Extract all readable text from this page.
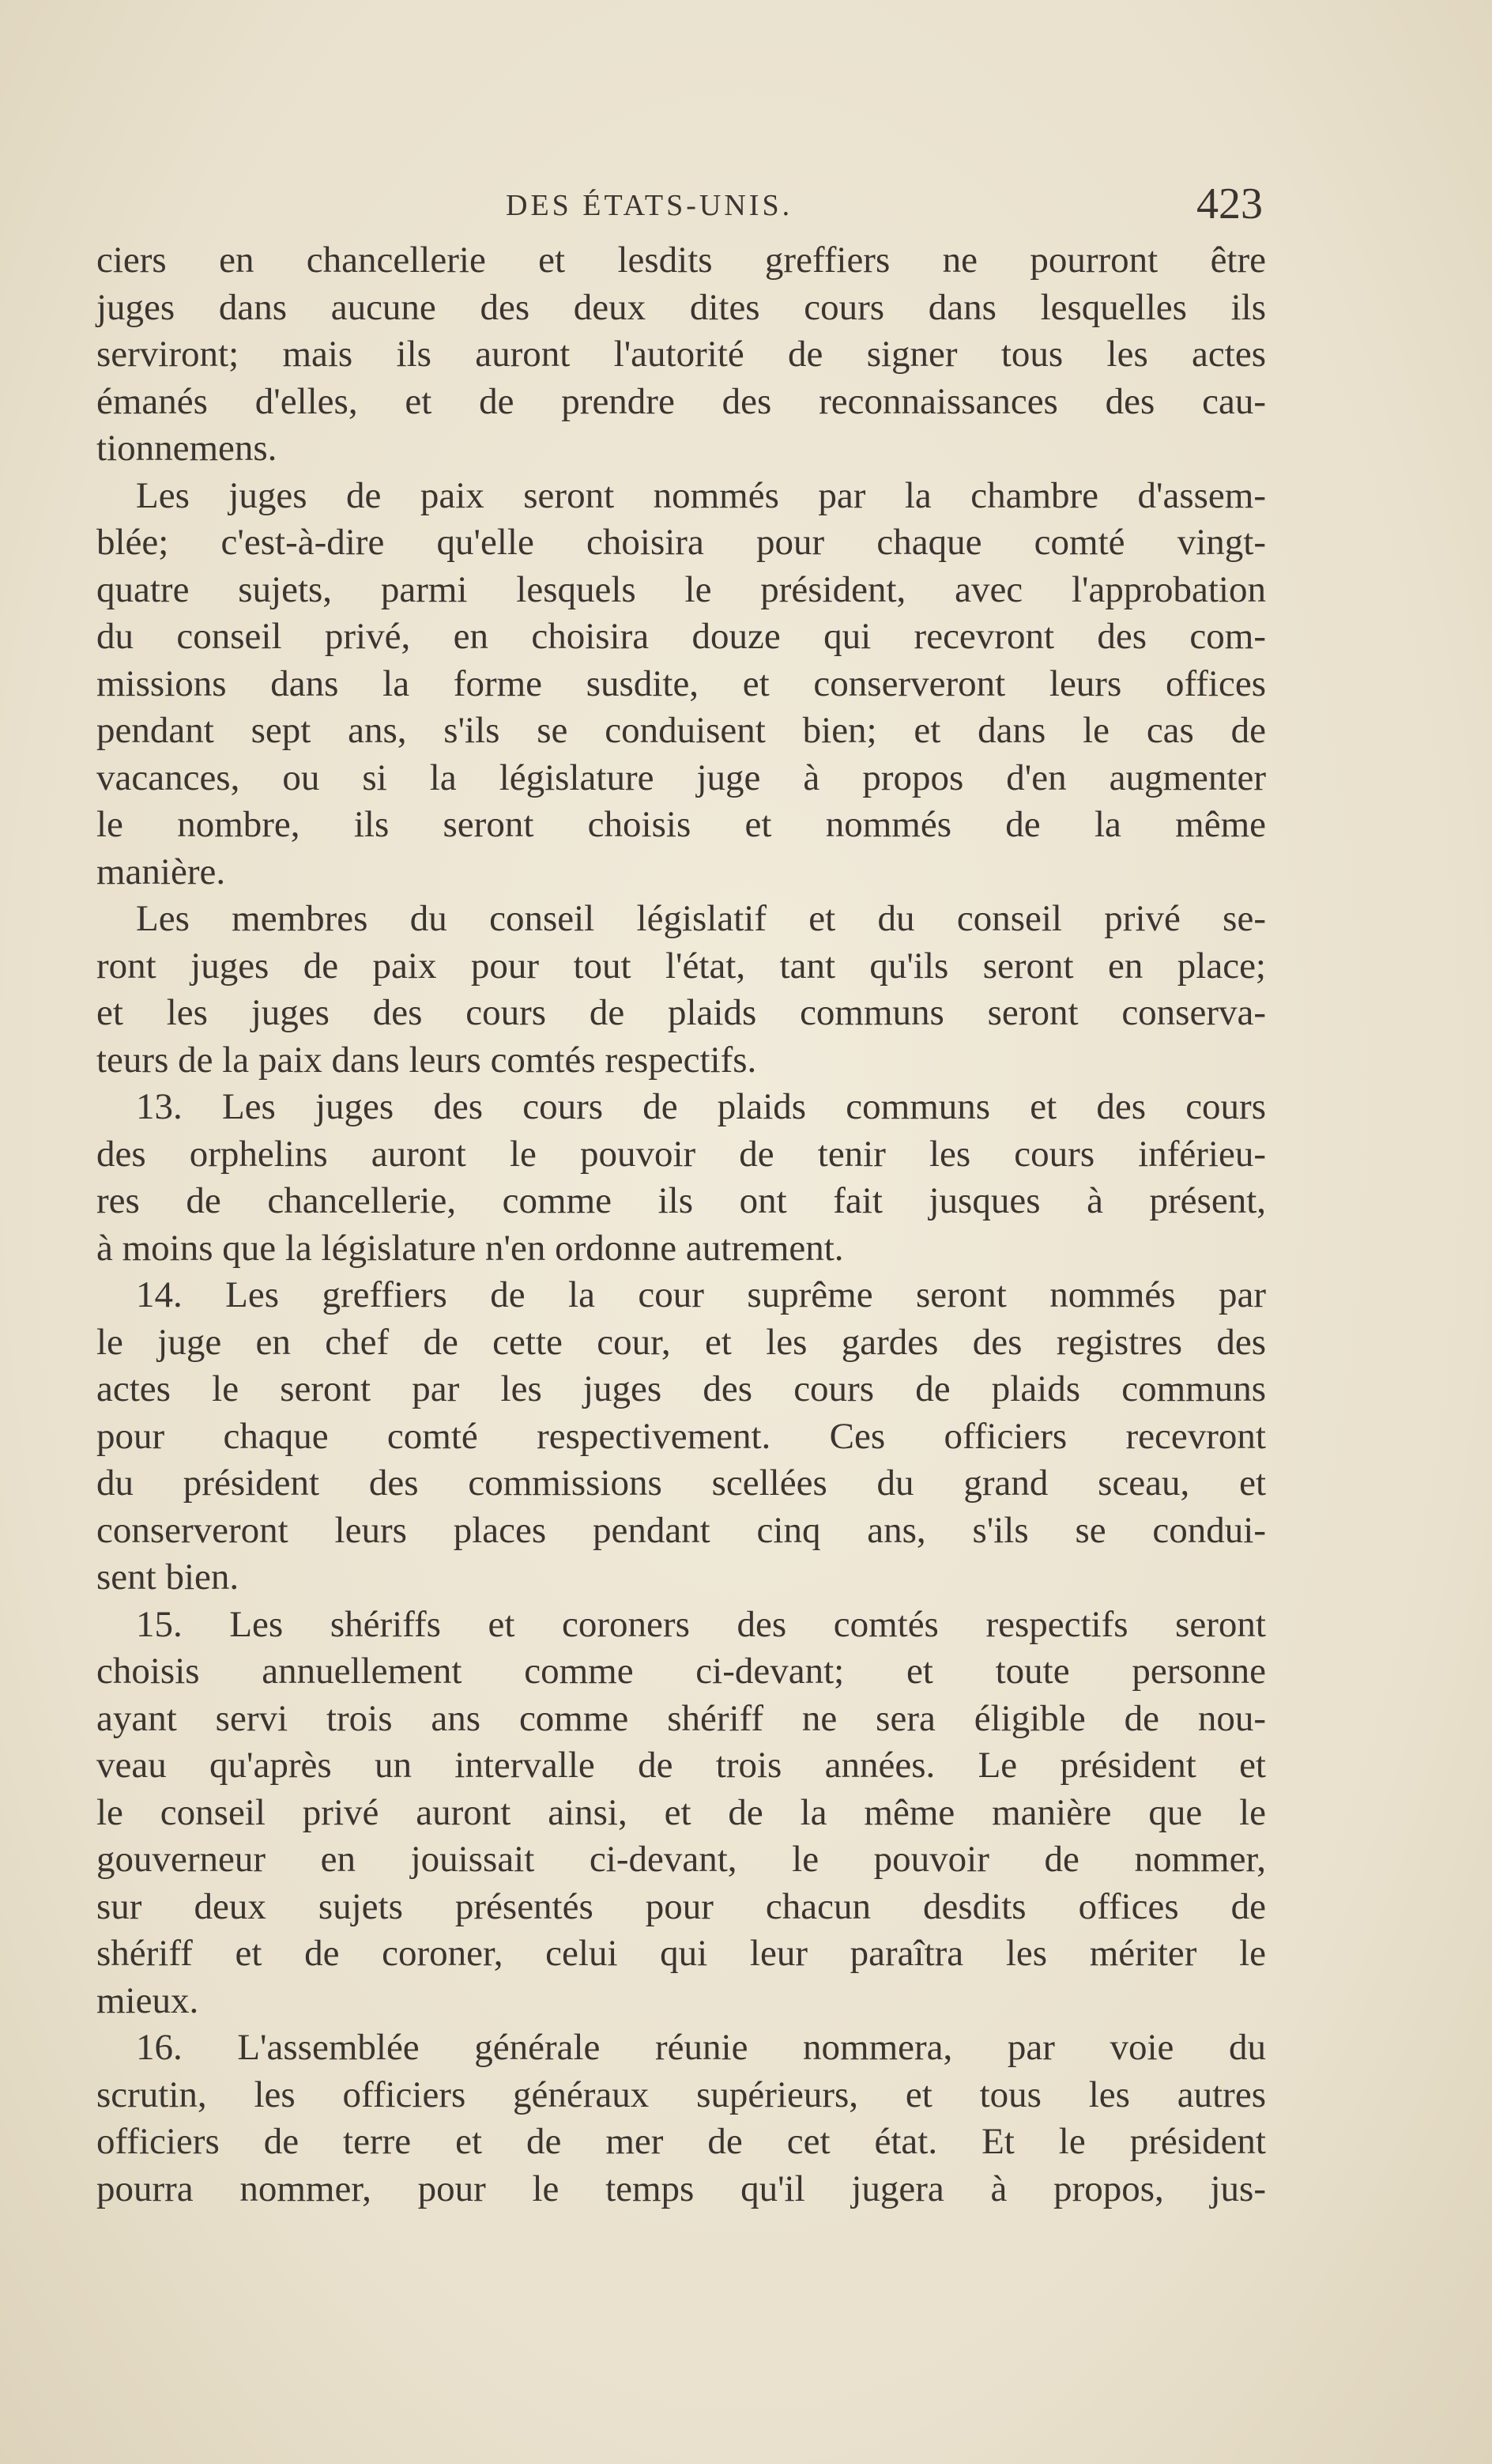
DES ÉTATS-UNIS.	423
ciers en chancellerie et lesdits greffiers ne pourront être
juges dans aucune des deux dites cours dans lesquelles ils
serviront; mais ils auront l'autorité de signer tous les actes
émanés d'elles, et de prendre des reconnaissances des cau-
tionnemens.
Les juges de paix seront nommés par la chambre d'assem-
blée; c'est-à-dire qu'elle choisira pour chaque comté vingt-
quatre sujets, parmi lesquels le président, avec l'approbation
du conseil privé, en choisira douze qui recevront des com-
missions dans la forme susdite, et conserveront leurs offices
pendant sept ans, s'ils se conduisent bien; et dans le cas de
vacances, ou si la législature juge à propos d'en augmenter
le nombre, ils seront choisis et nommés de la même
manière.
Les membres du conseil législatif et du conseil privé se-
ront juges de paix pour tout l'état, tant qu'ils seront en place;
et les juges des cours de plaids communs seront conserva-
teurs de la paix dans leurs comtés respectifs.
13. Les juges des cours de plaids communs et des cours
des orphelins auront le pouvoir de tenir les cours inférieu-
res de chancellerie, comme ils ont fait jusques à présent,
à moins que la législature n'en ordonne autrement.
14. Les greffiers de la cour suprême seront nommés par
le juge en chef de cette cour, et les gardes des registres des
actes le seront par les juges des cours de plaids communs
pour chaque comté respectivement. Ces officiers recevront
du président des commissions scellées du grand sceau, et
conserveront leurs places pendant cinq ans, s'ils se condui-
sent bien.
15. Les shériffs et coroners des comtés respectifs seront
choisis annuellement comme ci-devant; et toute personne
ayant servi trois ans comme shériff ne sera éligible de nou-
veau qu'après un intervalle de trois années. Le président et
le conseil privé auront ainsi, et de la même manière que le
gouverneur en jouissait ci-devant, le pouvoir de nommer,
sur deux sujets présentés pour chacun desdits offices de
shériff et de coroner, celui qui leur paraîtra les mériter le
mieux.
16. L'assemblée générale réunie nommera, par voie du
scrutin, les officiers généraux supérieurs, et tous les autres
officiers de terre et de mer de cet état. Et le président
pourra nommer, pour le temps qu'il jugera à propos, jus-
